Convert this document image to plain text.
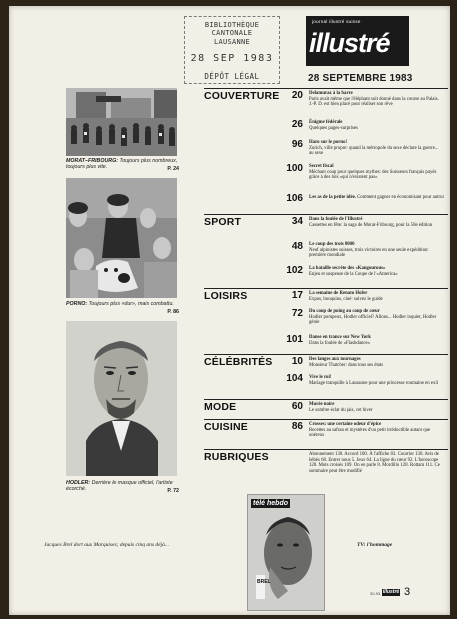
BIBLIOTHÈQUE CANTONALE
LAUSANNE
28 SEP 1983
DÉPÔT LÉGAL
journal illustré suisse
illustré
28 SEPTEMBRE 1983
MORAT–FRIBOURG: Toujours plus nombreux, toujours plus vite.	P. 24
PORNO: Toujours plus «dur», mais combattu.
P. 86
HODLER: Derrière le masque officiel, l'artiste écorché.	P. 72
COUVERTURE	20 Delamuraz à la barre
Paris avait même que l'éléphant soit donné dans la course au Palais. J.-P. D. est bien placé pour réaliser son rêve
26 Énigme fédérale
Quelques pages-surprises
96 Haro sur le porno!
Zurich, ville propre: quand la métropole du sexe déclare la guerre... au sexe
100 Secret fiscal
Méchant coup pour quelques mythes: des Suisseurs français payés grâce à des lois «qui n'existent pas»
106 Les as de la petite idée. Comment gagner en économisant pour autrui
SPORT	34 Dans la foulée de l'Illustré
Cassettes en fête: la saga de Morat-Fribourg, pour la 50e édition
48 Le coup des trois 8000
Neuf alpinistes suisses, trois victoires en une seule expédition: première mondiale
102 La bataille secrète des «Kangourous»
Enjeu et suspense de la Coupe de l'«America»
LOISIRS	17 La semaine de Renato Hofer
Expos, bouquins, ciné: suivez le guide
72 Du coup de poing au coup de cœur
Hodler pompeux, Hodler officiel? Allons... Hodler inquiet, Hodler génie
101 Danse en trance sur New York
Dans la foulée de «Flashdance»
CÉLÉBRITÉS	10 Des langes aux tournages
Monsieur Thatcher: dans tous ses états
104 Vive le roi!
Mariage tranquille à Lausanne pour une princesse roumaine en exil
MODE	60 Murée noire
Le sombre éclat du jais, cet hiver
CUISINE	86 Crosses: une certaine odeur d'épice
Recettes au safran et mystères d'un petit irréductible autant que onéreux
RUBRIQUES	Abonnement 130. Accord 100. À l'affiche 83. Courrier 130. Avis de bébés 68. Entrer nous 5. Jeux 64. La ligne du cœur 92. L'horoscope 128. Mots croisés 109. On en parle 8. Mordillo 128. Rottam 111. Ce sommaire peut être modifié
Jacques Brel dort aux Marquises; depuis cinq ans déjà...	TV: l'hommage
télé hebdo
BREL
30-93 illustré 3
